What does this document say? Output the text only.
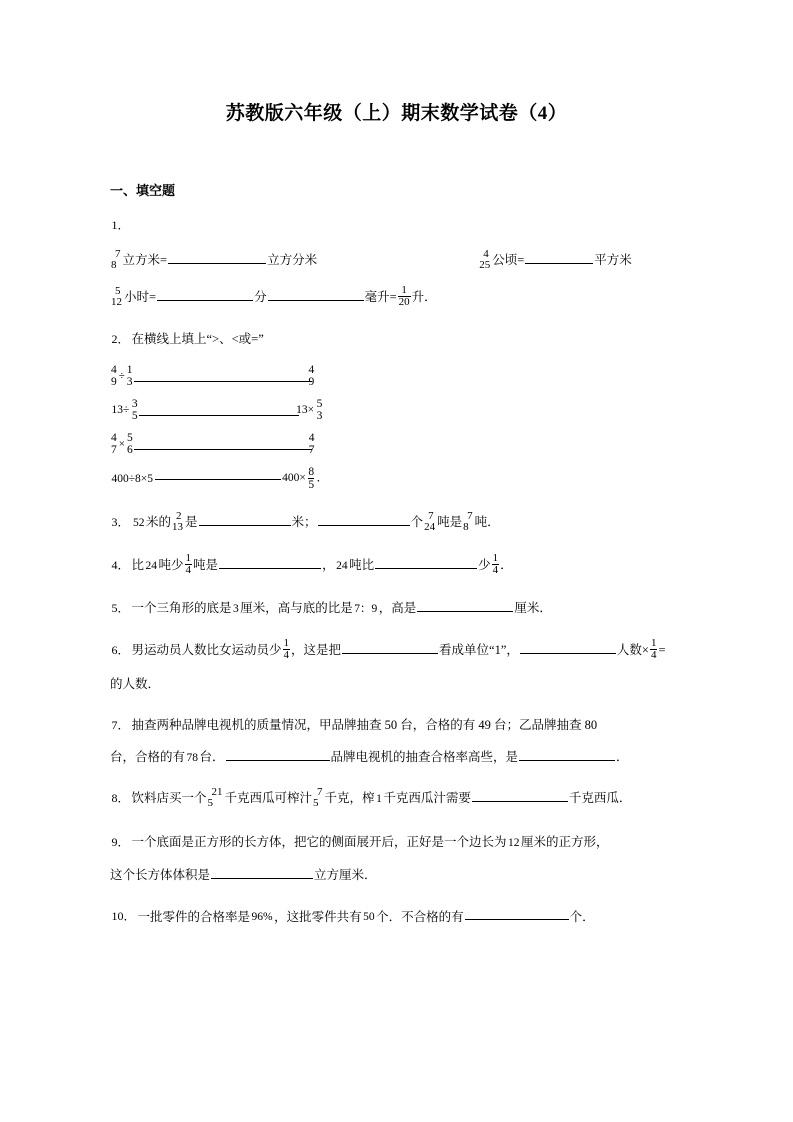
苏教版六年级（上）期末数学试卷（4）
一、填空题
1．
7
8 立方米=	立方分米	4
25 公顷=	平方米
5
12 小时=	分	毫升= $\frac{1}{20}$ 升．
2． 在横线上填上“>、<或=”
4
9
÷ 1
3
4
9
13÷ 3
5
13× 5
3
4
7
× 5
6
4
7
400÷8×5	$400\times \frac{8}{5}$ ．
3． 52 米的 2
13 是	米；	个 7
24 吨是 7
8 吨．
4． 比 24 吨少 $\frac{1}{4}$ 吨是	， 24 吨比	少 $\frac{1}{4}$ ．
5． 一个三角形的底是 3 厘米，高与底的比是 7：9 ，高是	厘米．
6． 男运动员人数比女运动员少 $\frac{1}{4}$ ，这是把	看成单位“1”，	人数× $\frac{1}{4}$ =
的人数．
7． 抽查两种品牌电视机的质量情况，甲品牌抽查 50 台，合格的有 49 台；乙品牌抽查 80
台，合格的有 78 台．	品牌电视机的抽查合格率高些，是	．
8． 饮料店买一个 21
5 千克西瓜可榨汁 7
5 千克，榨 1 千克西瓜汁需要	千克西瓜．
9． 一个底面是正方形的长方体，把它的侧面展开后，正好是一个边长为 12 厘米的正方形，
这个长方体体积是	立方厘米．
10． 一批零件的合格率是 96% ，这批零件共有 50 个．不合格的有	个．
